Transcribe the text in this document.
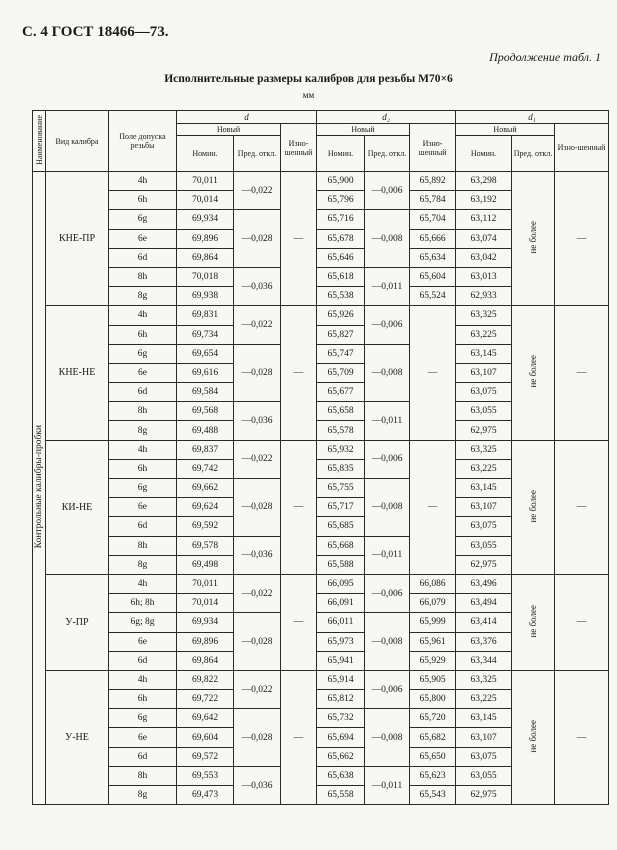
С. 4 ГОСТ 18466—73.
Продолжение табл. 1
Исполнительные размеры калибров для резьбы М70×6
мм
Наименование	Вид калибра	Поле допуска резьбы	d			d₂			d₁		
			Новый		Изно-шенный	Новый		Изно-шенный	Новый		Изно-шенный
			Номин.	Пред. откл.		Номин.	Пред. откл.		Номин.	Пред. откл.	
Контрольные калибры-пробки	КНЕ-ПР	4h	70,011	—0,022	—	65,900	—0,006	65,892	63,298	не более	—
		6h	70,014			65,796		65,784	63,192		
		6g	69,934	—0,028		65,716	—0,008	65,704	63,112		
		6e	69,896			65,678		65,666	63,074		
		6d	69,864			65,646		65,634	63,042		
		8h	70,018	—0,036		65,618	—0,011	65,604	63,013		
		8g	69,938			65,538		65,524	62,933		
	КНЕ-НЕ	4h	69,831	—0,022	—	65,926	—0,006	—	63,325	не более	—
		6h	69,734			65,827			63,225		
		6g	69,654	—0,028		65,747	—0,008		63,145		
		6e	69,616			65,709			63,107		
		6d	69,584			65,677			63,075		
		8h	69,568	—0,036		65,658	—0,011		63,055		
		8g	69,488			65,578			62,975		
	КИ-НЕ	4h	69,837	—0,022	—	65,932	—0,006	—	63,325	не более	—
		6h	69,742			65,835			63,225		
		6g	69,662	—0,028		65,755	—0,008		63,145		
		6e	69,624			65,717			63,107		
		6d	69,592			65,685			63,075		
		8h	69,578	—0,036		65,668	—0,011		63,055		
		8g	69,498			65,588			62,975		
	У-ПР	4h	70,011	—0,022	—	66,095	—0,006	66,086	63,496	не более	—
		6h; 8h	70,014			66,091		66,079	63,494		
		6g; 8g	69,934	—0,028		66,011	—0,008	65,999	63,414		
		6e	69,896			65,973		65,961	63,376		
		6d	69,864			65,941		65,929	63,344		
	У-НЕ	4h	69,822	—0,022	—	65,914	—0,006	65,905	63,325	не более	—
		6h	69,722			65,812		65,800	63,225		
		6g	69,642	—0,028		65,732	—0,008	65,720	63,145		
		6e	69,604			65,694		65,682	63,107		
		6d	69,572			65,662		65,650	63,075		
		8h	69,553	—0,036		65,638	—0,011	65,623	63,055		
		8g	69,473			65,558		65,543	62,975		
